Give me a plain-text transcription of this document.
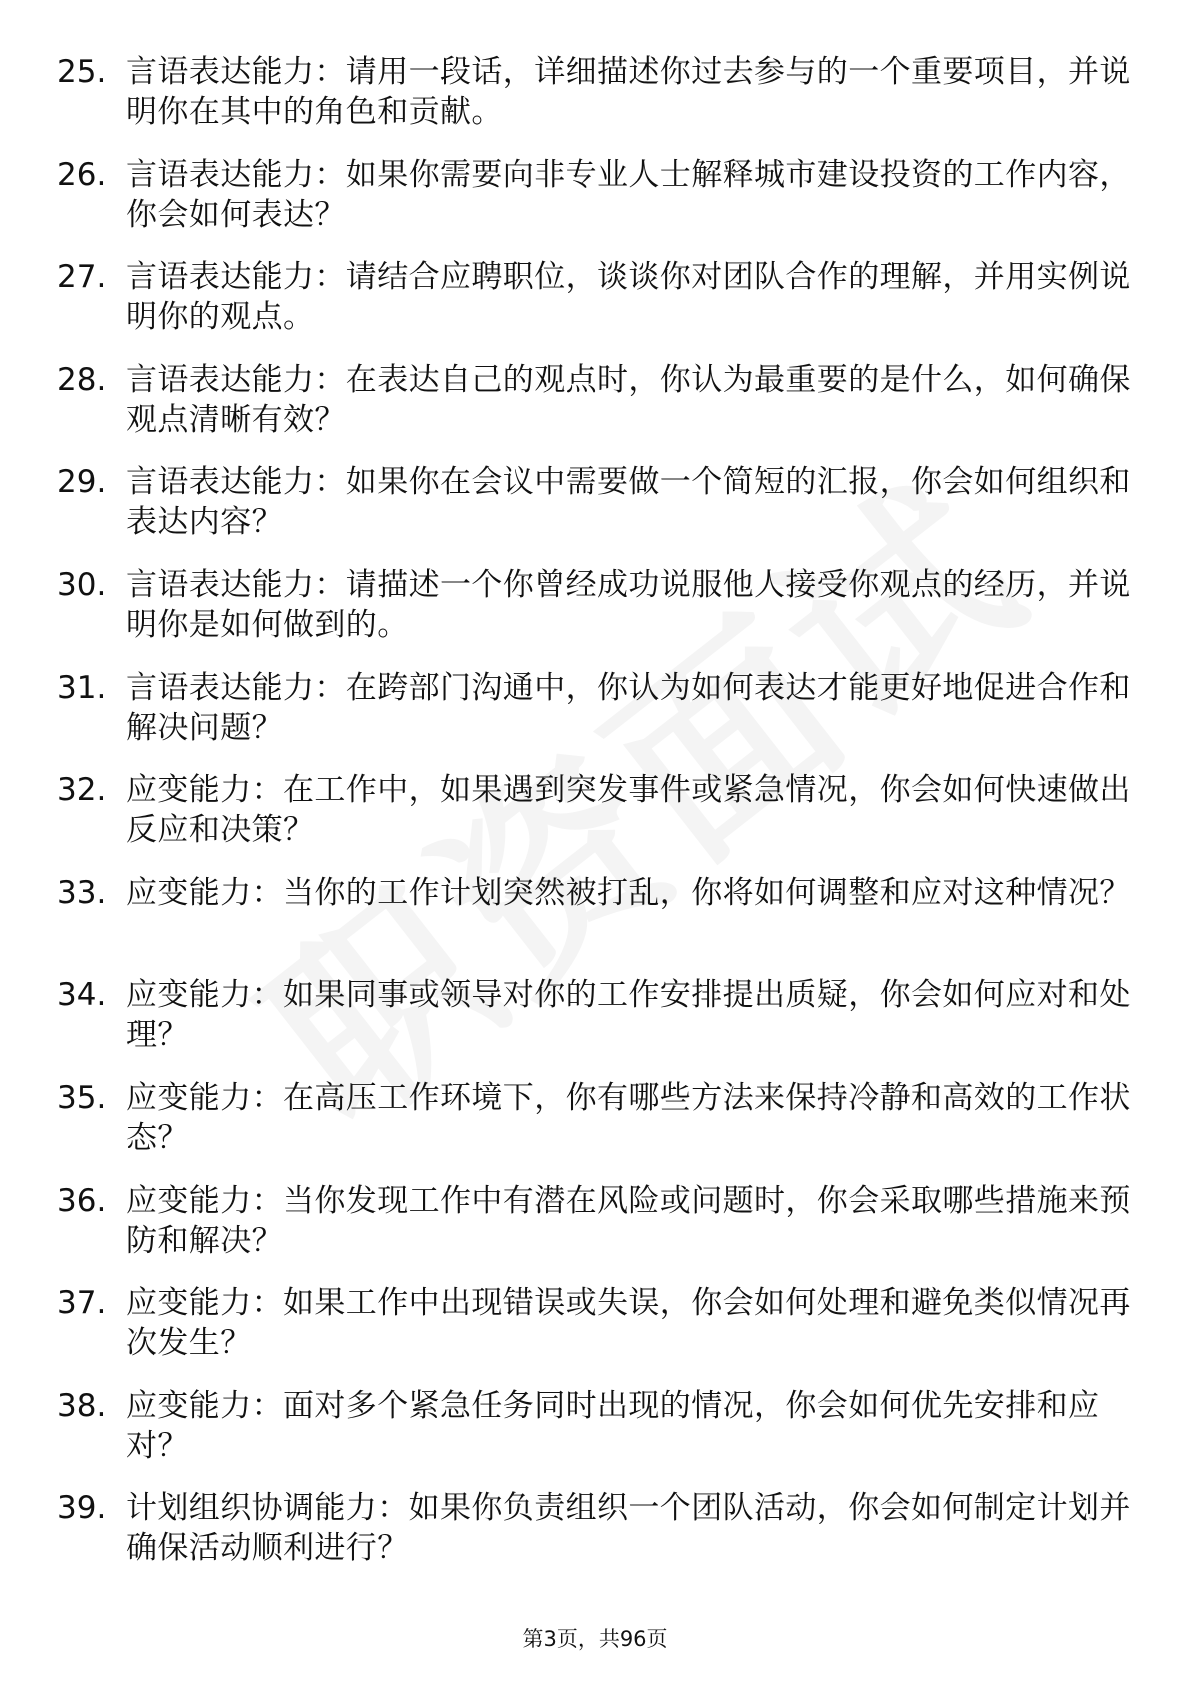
25. 言语表达能力：请用一段话，详细描述你过去参与的一个重要项目，并说明你在其中的角色和贡献。
26. 言语表达能力：如果你需要向非专业人士解释城市建设投资的工作内容，你会如何表达？
27. 言语表达能力：请结合应聘职位，谈谈你对团队合作的理解，并用实例说明你的观点。
28. 言语表达能力：在表达自己的观点时，你认为最重要的是什么，如何确保观点清晰有效？
29. 言语表达能力：如果你在会议中需要做一个简短的汇报，你会如何组织和表达内容？
30. 言语表达能力：请描述一个你曾经成功说服他人接受你观点的经历，并说明你是如何做到的。
31. 言语表达能力：在跨部门沟通中，你认为如何表达才能更好地促进合作和解决问题？
32. 应变能力：在工作中，如果遇到突发事件或紧急情况，你会如何快速做出反应和决策？
33. 应变能力：当你的工作计划突然被打乱，你将如何调整和应对这种情况？
34. 应变能力：如果同事或领导对你的工作安排提出质疑，你会如何应对和处理？
35. 应变能力：在高压工作环境下，你有哪些方法来保持冷静和高效的工作状态？
36. 应变能力：当你发现工作中有潜在风险或问题时，你会采取哪些措施来预防和解决？
37. 应变能力：如果工作中出现错误或失误，你会如何处理和避免类似情况再次发生？
38. 应变能力：面对多个紧急任务同时出现的情况，你会如何优先安排和应对？
39. 计划组织协调能力：如果你负责组织一个团队活动，你会如何制定计划并确保活动顺利进行？
第3页，共96页
